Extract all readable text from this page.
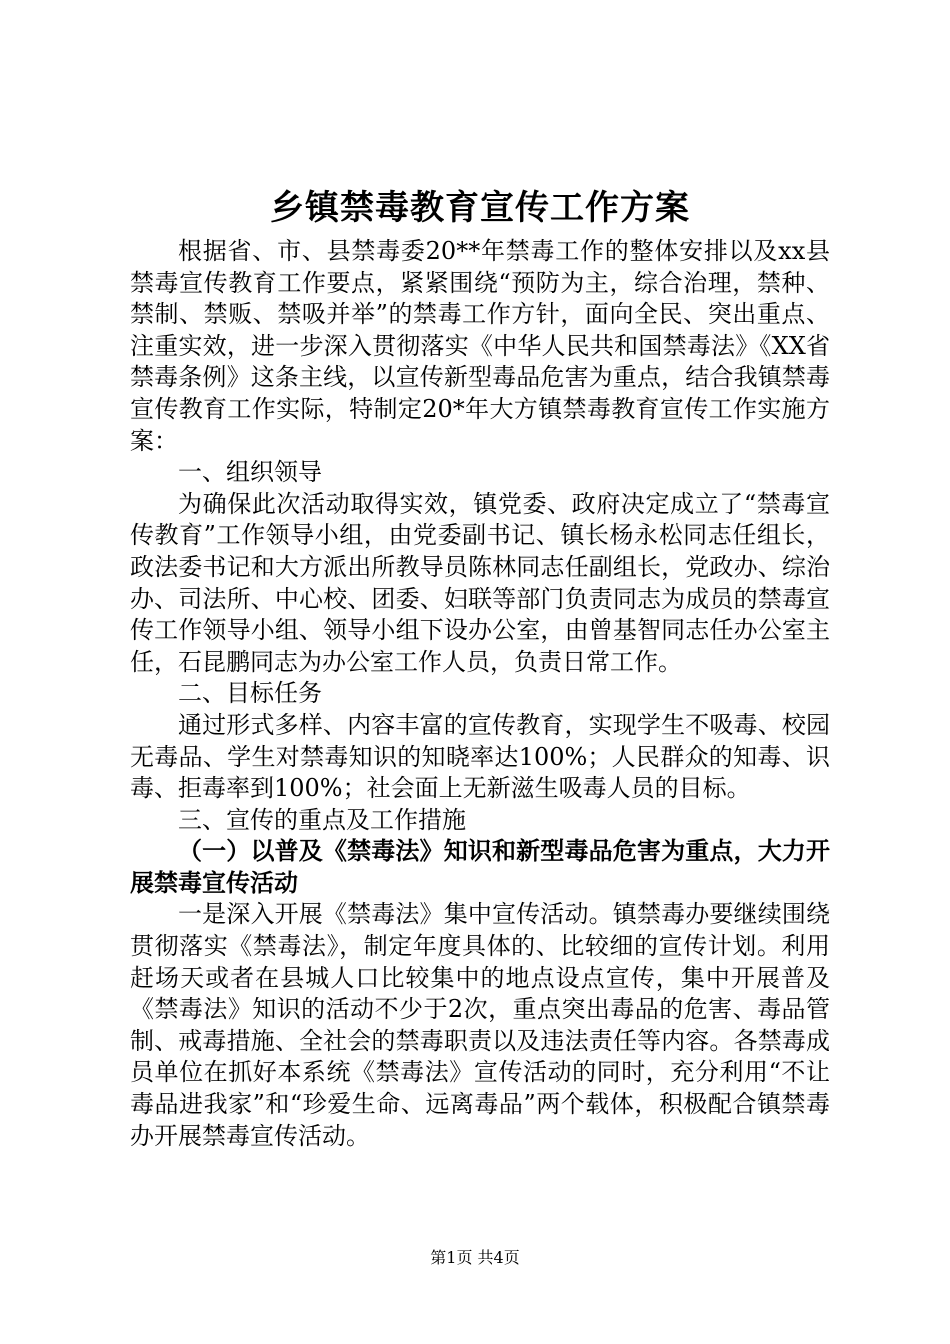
乡镇禁毒教育宣传工作方案

根据省、市、县禁毒委20**年禁毒工作的整体安排以及xx县禁毒宣传教育工作要点，紧紧围绕“预防为主，综合治理，禁种、禁制、禁贩、禁吸并举”的禁毒工作方针，面向全民、突出重点、注重实效，进一步深入贯彻落实《中华人民共和国禁毒法》《XX省禁毒条例》这条主线，以宣传新型毒品危害为重点，结合我镇禁毒宣传教育工作实际，特制定20*年大方镇禁毒教育宣传工作实施方案：

一、组织领导

为确保此次活动取得实效，镇党委、政府决定成立了“禁毒宣传教育”工作领导小组，由党委副书记、镇长杨永松同志任组长，政法委书记和大方派出所教导员陈林同志任副组长，党政办、综治办、司法所、中心校、团委、妇联等部门负责同志为成员的禁毒宣传工作领导小组、领导小组下设办公室，由曾基智同志任办公室主任，石昆鹏同志为办公室工作人员，负责日常工作。

二、目标任务

通过形式多样、内容丰富的宣传教育，实现学生不吸毒、校园无毒品、学生对禁毒知识的知晓率达100%；人民群众的知毒、识毒、拒毒率到100%；社会面上无新滋生吸毒人员的目标。

三、宣传的重点及工作措施

（一）以普及《禁毒法》知识和新型毒品危害为重点，大力开展禁毒宣传活动

一是深入开展《禁毒法》集中宣传活动。镇禁毒办要继续围绕贯彻落实《禁毒法》，制定年度具体的、比较细的宣传计划。利用赶场天或者在县城人口比较集中的地点设点宣传，集中开展普及《禁毒法》知识的活动不少于2次，重点突出毒品的危害、毒品管制、戒毒措施、全社会的禁毒职责以及违法责任等内容。各禁毒成员单位在抓好本系统《禁毒法》宣传活动的同时，充分利用“不让毒品进我家”和“珍爱生命、远离毒品”两个载体，积极配合镇禁毒办开展禁毒宣传活动。

第1页 共4页
